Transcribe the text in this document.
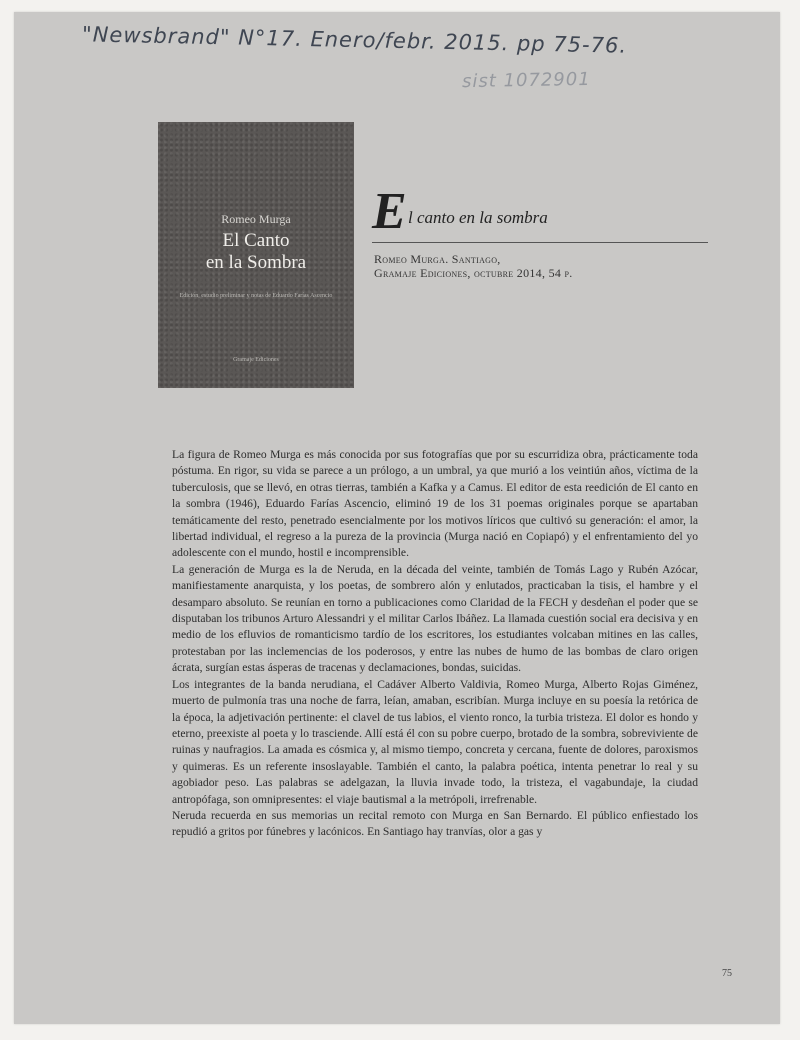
"Newsbrand" N°17. Enero/febr. 2015. pp 75-76.
sist 1072901
Romeo Murga
El Canto
en la Sombra
Edición, estudio preliminar y notas de Eduardo Farías Ascencio
Gramaje Ediciones
E l canto en la sombra
Romeo Murga. Santiago,
Gramaje Ediciones, octubre 2014, 54 p.

La figura de Romeo Murga es más conocida por sus fotografías que por su escurridiza obra, prácticamente toda póstuma. En rigor, su vida se parece a un prólogo, a un umbral, ya que murió a los veintiún años, víctima de la tuberculosis, que se llevó, en otras tierras, también a Kafka y a Camus. El editor de esta reedición de El canto en la sombra (1946), Eduardo Farías Ascencio, eliminó 19 de los 31 poemas originales porque se apartaban temáticamente del resto, penetrado esencialmente por los motivos líricos que cultivó su generación: el amor, la libertad individual, el regreso a la pureza de la provincia (Murga nació en Copiapó) y el enfrentamiento del yo adolescente con el mundo, hostil e incomprensible.

La generación de Murga es la de Neruda, en la década del veinte, también de Tomás Lago y Rubén Azócar, manifiestamente anarquista, y los poetas, de sombrero alón y enlutados, practicaban la tisis, el hambre y el desamparo absoluto. Se reunían en torno a publicaciones como Claridad de la FECH y desdeñan el poder que se disputaban los tribunos Arturo Alessandri y el militar Carlos Ibáñez. La llamada cuestión social era decisiva y en medio de los efluvios de romanticismo tardío de los escritores, los estudiantes volcaban mitines en las calles, protestaban por las inclemencias de los poderosos, y entre las nubes de humo de las bombas de claro origen ácrata, surgían estas ásperas de tracenas y declamaciones, bondas, suicidas.

Los integrantes de la banda nerudiana, el Cadáver Alberto Valdivia, Romeo Murga, Alberto Rojas Giménez, muerto de pulmonía tras una noche de farra, leían, amaban, escribían. Murga incluye en su poesía la retórica de la época, la adjetivación pertinente: el clavel de tus labios, el viento ronco, la turbia tristeza. El dolor es hondo y eterno, preexiste al poeta y lo trasciende. Allí está él con su pobre cuerpo, brotado de la sombra, sobreviviente de ruinas y naufragios. La amada es cósmica y, al mismo tiempo, concreta y cercana, fuente de dolores, paroxismos y quimeras. Es un referente insoslayable. También el canto, la palabra poética, intenta penetrar lo real y su agobiador peso. Las palabras se adelgazan, la lluvia invade todo, la tristeza, el vagabundaje, la ciudad antropófaga, son omnipresentes: el viaje bautismal a la metrópoli, irrefrenable.

Neruda recuerda en sus memorias un recital remoto con Murga en San Bernardo. El público enfiestado los repudió a gritos por fúnebres y lacónicos. En Santiago hay tranvías, olor a gas y

75
